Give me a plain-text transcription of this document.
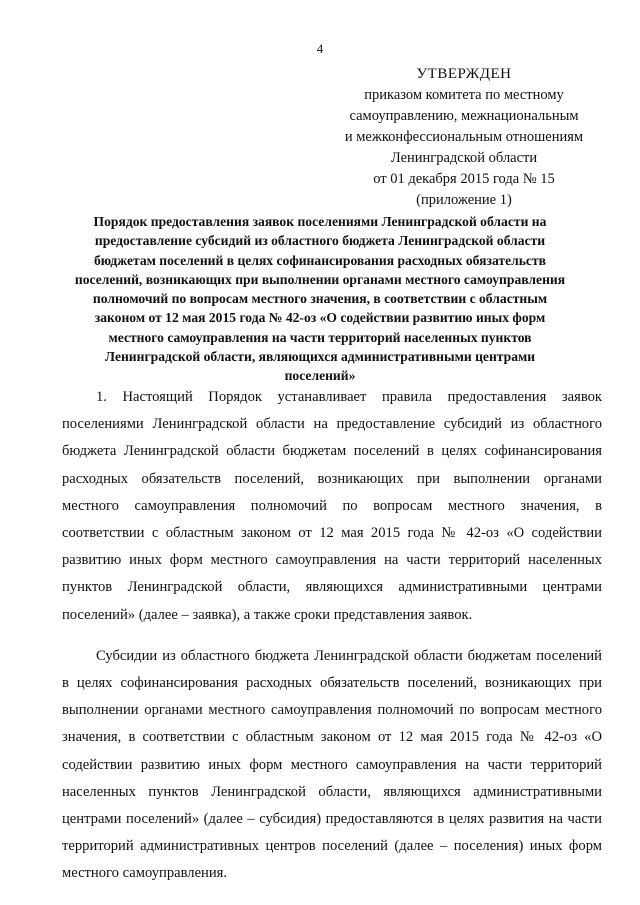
4
УТВЕРЖДЕН
приказом комитета по местному
самоуправлению, межнациональным
и межконфессиональным отношениям
Ленинградской области
от 01 декабря 2015 года № 15
(приложение 1)
Порядок предоставления заявок поселениями Ленинградской области на предоставление субсидий из областного бюджета Ленинградской области бюджетам поселений в целях софинансирования расходных обязательств поселений, возникающих при выполнении органами местного самоуправления полномочий по вопросам местного значения, в соответствии с областным законом от 12 мая 2015 года № 42-оз «О содействии развитию иных форм местного самоуправления на части территорий населенных пунктов Ленинградской области, являющихся административными центрами поселений»

1. Настоящий Порядок устанавливает правила предоставления заявок поселениями Ленинградской области на предоставление субсидий из областного бюджета Ленинградской области бюджетам поселений в целях софинансирования расходных обязательств поселений, возникающих при выполнении органами местного самоуправления полномочий по вопросам местного значения, в соответствии с областным законом от 12 мая 2015 года № 42-оз «О содействии развитию иных форм местного самоуправления на части территорий населенных пунктов Ленинградской области, являющихся административными центрами поселений» (далее – заявка), а также сроки представления заявок.

Субсидии из областного бюджета Ленинградской области бюджетам поселений в целях софинансирования расходных обязательств поселений, возникающих при выполнении органами местного самоуправления полномочий по вопросам местного значения, в соответствии с областным законом от 12 мая 2015 года № 42-оз «О содействии развитию иных форм местного самоуправления на части территорий населенных пунктов Ленинградской области, являющихся административными центрами поселений» (далее – субсидия) предоставляются в целях развития на части территорий административных центров поселений (далее – поселения) иных форм местного самоуправления.
